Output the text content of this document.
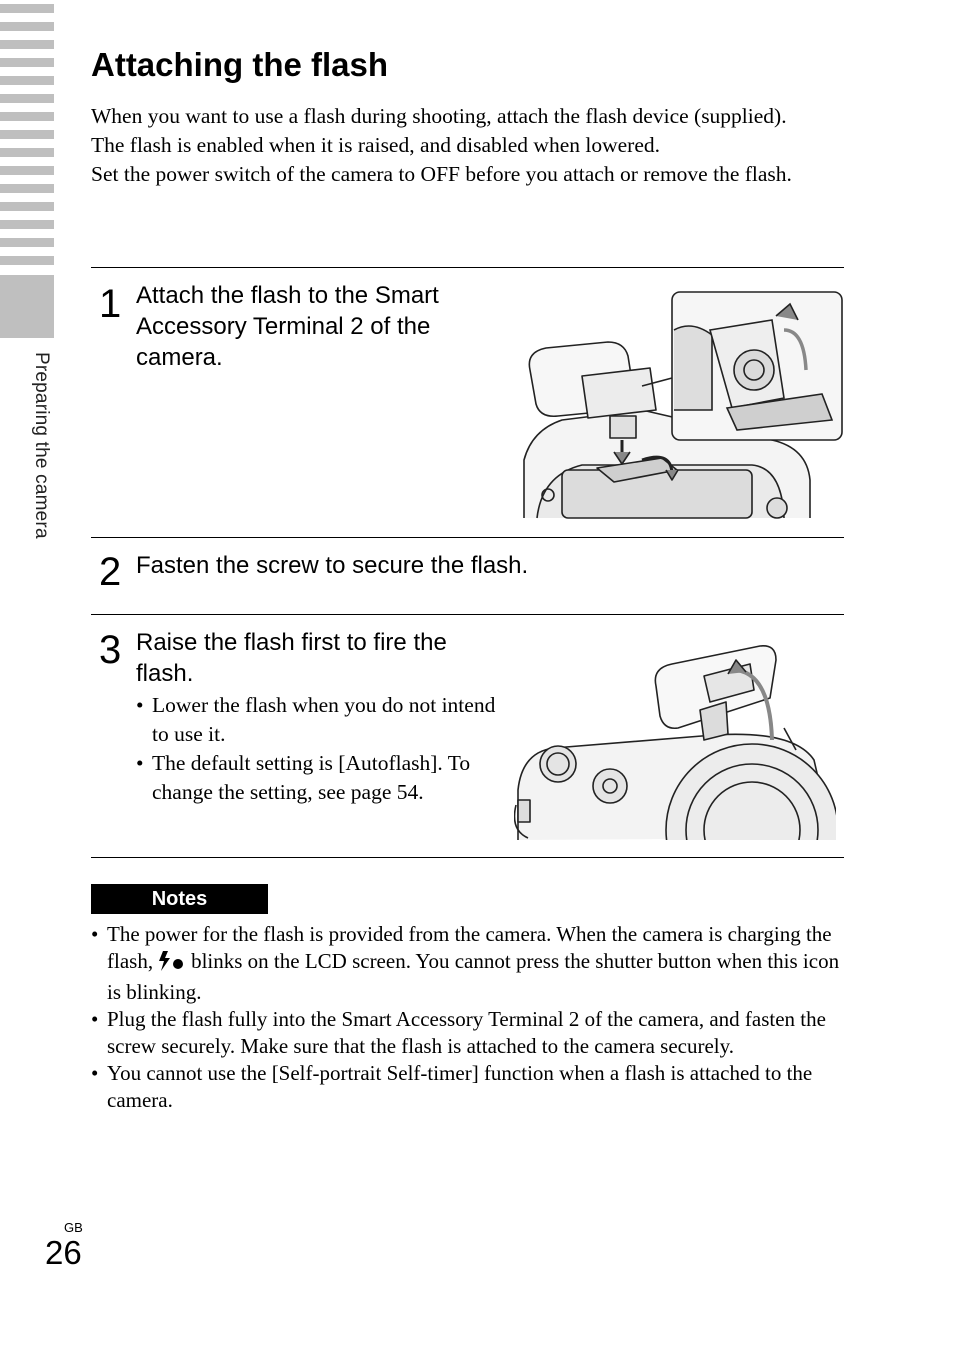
Preparing the camera
Attaching the flash

When you want to use a flash during shooting, attach the flash device (supplied).

The flash is enabled when it is raised, and disabled when lowered.

Set the power switch of the camera to OFF before you attach or remove the flash.

1 Attach the flash to the Smart Accessory Terminal 2 of the camera.
2 Fasten the screw to secure the flash.
3 Raise the flash first to fire the flash.
• Lower the flash when you do not intend to use it.
• The default setting is [Autoflash]. To change the setting, see page 54.
Notes
• The power for the flash is provided from the camera. When the camera is charging the flash, blinks on the LCD screen. You cannot press the shutter button when this icon is blinking.
• Plug the flash fully into the Smart Accessory Terminal 2 of the camera, and fasten the screw securely. Make sure that the flash is attached to the camera securely.
• You cannot use the [Self-portrait Self-timer] function when a flash is attached to the camera.
GB
26
